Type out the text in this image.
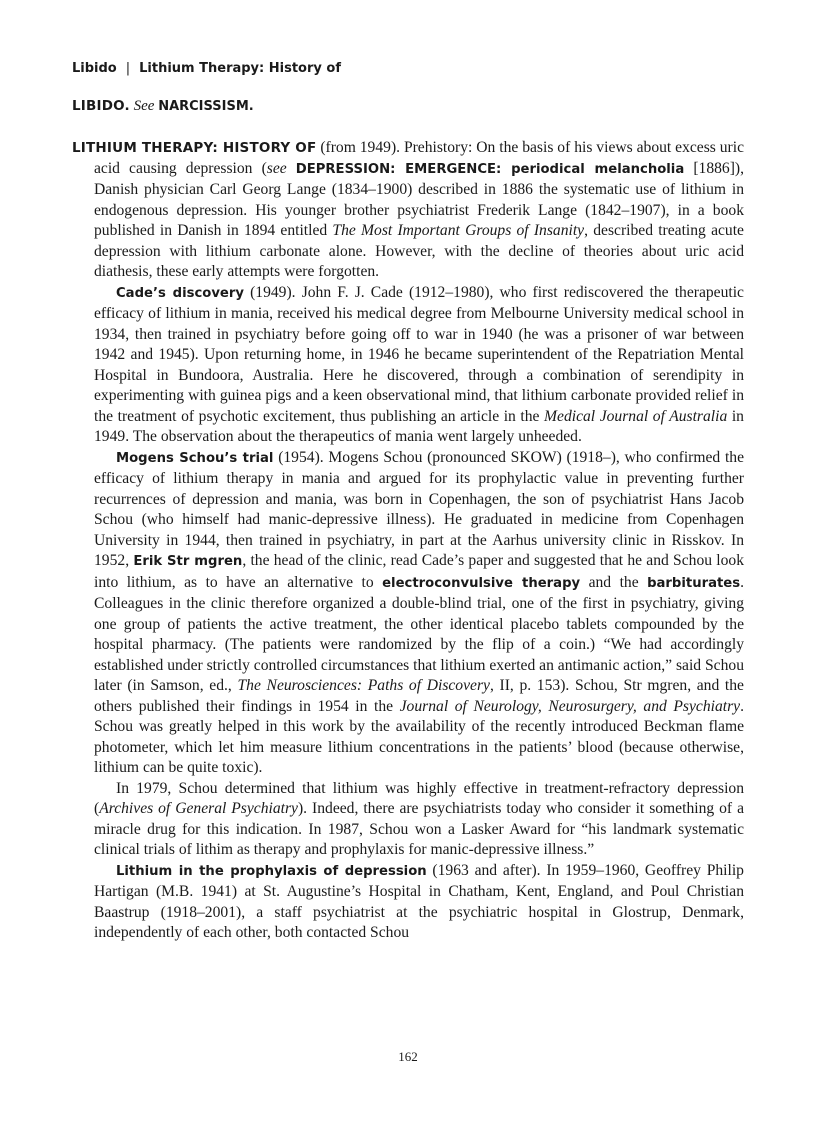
Libido | Lithium Therapy: History of
LIBIDO. See NARCISSISM.

LITHIUM THERAPY: HISTORY OF (from 1949). Prehistory: On the basis of his views about excess uric acid causing depression (see DEPRESSION: EMERGENCE: periodical melancholia [1886]), Danish physician Carl Georg Lange (1834–1900) described in 1886 the systematic use of lithium in endogenous depression. His younger brother psychiatrist Frederik Lange (1842–1907), in a book published in Danish in 1894 entitled The Most Important Groups of Insanity, described treating acute depression with lithium carbonate alone. However, with the decline of theories about uric acid diathesis, these early attempts were forgotten.

Cade’s discovery (1949). John F. J. Cade (1912–1980), who first rediscovered the therapeutic efficacy of lithium in mania, received his medical degree from Melbourne University medical school in 1934, then trained in psychiatry before going off to war in 1940 (he was a prisoner of war between 1942 and 1945). Upon returning home, in 1946 he became superintendent of the Repatriation Mental Hospital in Bundoora, Australia. Here he discovered, through a combination of serendipity in experimenting with guinea pigs and a keen observational mind, that lithium carbonate provided relief in the treatment of psychotic excitement, thus publishing an article in the Medical Journal of Australia in 1949. The observation about the therapeutics of mania went largely unheeded.

Mogens Schou’s trial (1954). Mogens Schou (pronounced SKOW) (1918–), who confirmed the efficacy of lithium therapy in mania and argued for its prophylactic value in preventing further recurrences of depression and mania, was born in Copenhagen, the son of psychiatrist Hans Jacob Schou (who himself had manic-depressive illness). He graduated in medicine from Copenhagen University in 1944, then trained in psychiatry, in part at the Aarhus university clinic in Risskov. In 1952, Erik Str mgren, the head of the clinic, read Cade’s paper and suggested that he and Schou look into lithium, as to have an alternative to electroconvulsive therapy and the barbiturates. Colleagues in the clinic therefore organized a double-blind trial, one of the first in psychiatry, giving one group of patients the active treatment, the other identical placebo tablets compounded by the hospital pharmacy. (The patients were randomized by the flip of a coin.) “We had accordingly established under strictly controlled circumstances that lithium exerted an antimanic action,” said Schou later (in Samson, ed., The Neurosciences: Paths of Discovery, II, p. 153). Schou, Str mgren, and the others published their findings in 1954 in the Journal of Neurology, Neurosurgery, and Psychiatry. Schou was greatly helped in this work by the availability of the recently introduced Beckman flame photometer, which let him measure lithium concentrations in the patients’ blood (because otherwise, lithium can be quite toxic).

In 1979, Schou determined that lithium was highly effective in treatment-refractory depression (Archives of General Psychiatry). Indeed, there are psychiatrists today who consider it something of a miracle drug for this indication. In 1987, Schou won a Lasker Award for “his landmark systematic clinical trials of lithim as therapy and prophylaxis for manic-depressive illness.”

Lithium in the prophylaxis of depression (1963 and after). In 1959–1960, Geoffrey Philip Hartigan (M.B. 1941) at St. Augustine’s Hospital in Chatham, Kent, England, and Poul Christian Baastrup (1918–2001), a staff psychiatrist at the psychiatric hospital in Glostrup, Denmark, independently of each other, both contacted Schou

162
